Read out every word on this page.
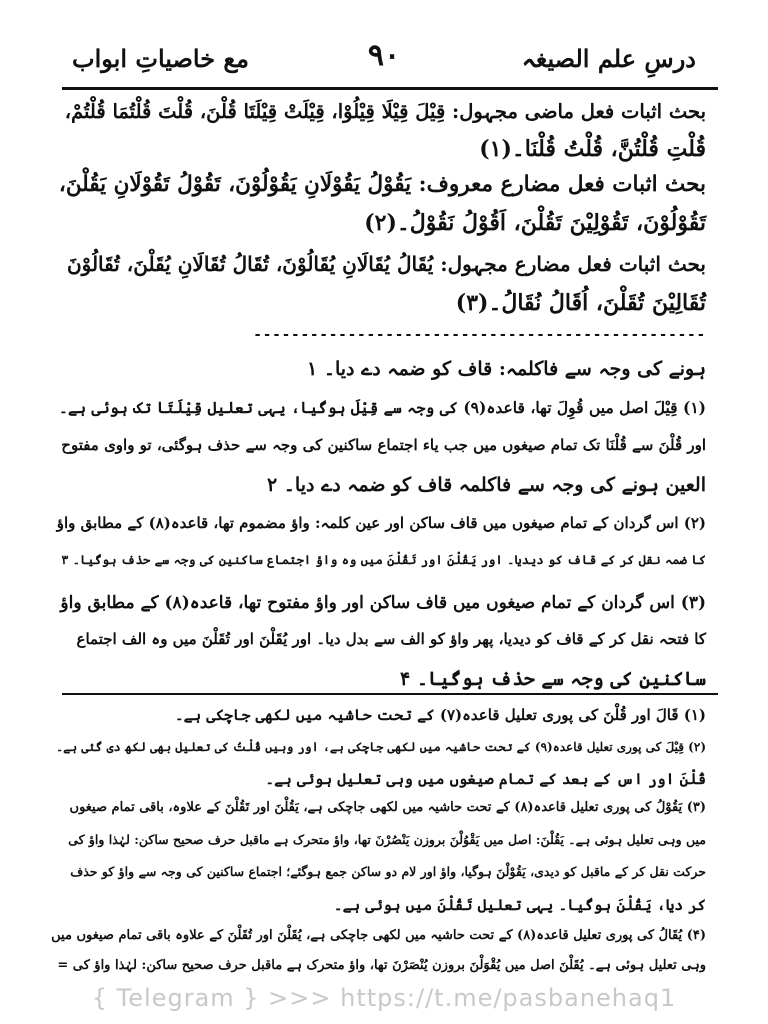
درسِ علم الصیغہ
۹۰
مع خاصیاتِ ابواب
بحث اثبات فعل ماضی مجہول: قِیْلَ قِیْلَا قِیْلُوْا، قِیْلَتْ قِیْلَتَا قُلْنَ، قُلْتَ قُلْتُمَا قُلْتُمْ،
قُلْتِ قُلْتُنَّ، قُلْتُ قُلْنَا۔(۱)
بحث اثبات فعل مضارع معروف: یَقُوْلُ یَقُوْلَانِ یَقُوْلُوْنَ، تَقُوْلُ تَقُوْلَانِ یَقُلْنَ،
تَقُوْلُوْنَ، تَقُوْلِیْنَ تَقُلْنَ، اَقُوْلُ نَقُوْلُ۔(۲)
بحث اثبات فعل مضارع مجہول: یُقَالُ یُقَالَانِ یُقَالُوْنَ، تُقَالُ تُقَالَانِ یُقَلْنَ، تُقَالُوْنَ
تُقَالِیْنَ تُقَلْنَ، اُقَالُ نُقَالُ۔(۳)
------------------------------------------------
ہونے کی وجہ سے فاکلمہ: قاف کو ضمہ دے دیا۔ ۱
(۱) قِیْلَ اصل میں قُوِلَ تھا، قاعدہ(۹) کی وجہ سے قِیْلَ ہوگیا، یہی تعلیل قِیْلَتَا تک ہوئی ہے۔
اور قُلْنَ سے قُلْنَا تک تمام صیغوں میں جب یاء اجتماع ساکنین کی وجہ سے حذف ہوگئی، تو واوی مفتوح
العین ہونے کی وجہ سے فاکلمہ قاف کو ضمہ دے دیا۔ ۲
(۲) اس گردان کے تمام صیغوں میں قاف ساکن اور عین کلمہ: واؤ مضموم تھا، قاعدہ(۸) کے مطابق واؤ
کا ضمہ نقل کر کے قاف کو دیدیا۔ اور یَقُلْنَ اور تَقُلْنَ میں وہ واؤ اجتماع ساکنین کی وجہ سے حذف ہوگیا۔ ۳
(۳) اس گردان کے تمام صیغوں میں قاف ساکن اور واؤ مفتوح تھا، قاعدہ(۸) کے مطابق واؤ
کا فتحہ نقل کر کے قاف کو دیدیا، پھر واؤ کو الف سے بدل دیا۔ اور یُقَلْنَ اور تُقَلْنَ میں وہ الف اجتماع
ساکنین کی وجہ سے حذف ہوگیا۔ ۴
(۱) قَالَ اور قُلْنَ کی پوری تعلیل قاعدہ(۷) کے تحت حاشیہ میں لکھی جاچکی ہے۔
(۲) قِیْلَ کی پوری تعلیل قاعدہ(۹) کے تحت حاشیہ میں لکھی جاچکی ہے، اور وہیں قُلْتُ کی تعلیل بھی لکھ دی گئی ہے۔
قُلْنَ اور اس کے بعد کے تمام صیغوں میں وہی تعلیل ہوئی ہے۔
(۳) یَقُوْلُ کی پوری تعلیل قاعدہ(۸) کے تحت حاشیہ میں لکھی جاچکی ہے، یَقُلْنَ اور تَقُلْنَ کے علاوہ، باقی تمام صیغوں
میں وہی تعلیل ہوئی ہے۔ یَقُلْنَ: اصل میں یَقْوُلْنَ بروزن یَنْصُرْنَ تھا، واؤ متحرک ہے ماقبل حرف صحیح ساکن: لہٰذا واؤ کی
حرکت نقل کر کے ماقبل کو دیدی، یَقُوْلْنَ ہوگیا، واؤ اور لام دو ساکن جمع ہوگئے؛ اجتماع ساکنین کی وجہ سے واؤ کو حذف
کر دیا، یَقُلْنَ ہوگیا۔ یہی تعلیل تَقُلْنَ میں ہوئی ہے۔
(۴) یُقَالُ کی پوری تعلیل قاعدہ(۸) کے تحت حاشیہ میں لکھی جاچکی ہے، یُقَلْنَ اور تُقَلْنَ کے علاوہ باقی تمام صیغوں میں
وہی تعلیل ہوئی ہے۔ یُقَلْنَ اصل میں یُقْوَلْنَ بروزن یُنْصَرْنَ تھا، واؤ متحرک ہے ماقبل حرف صحیح ساکن: لہٰذا واؤ کی =
{ Telegram } >>> https://t.me/pasbanehaq1
